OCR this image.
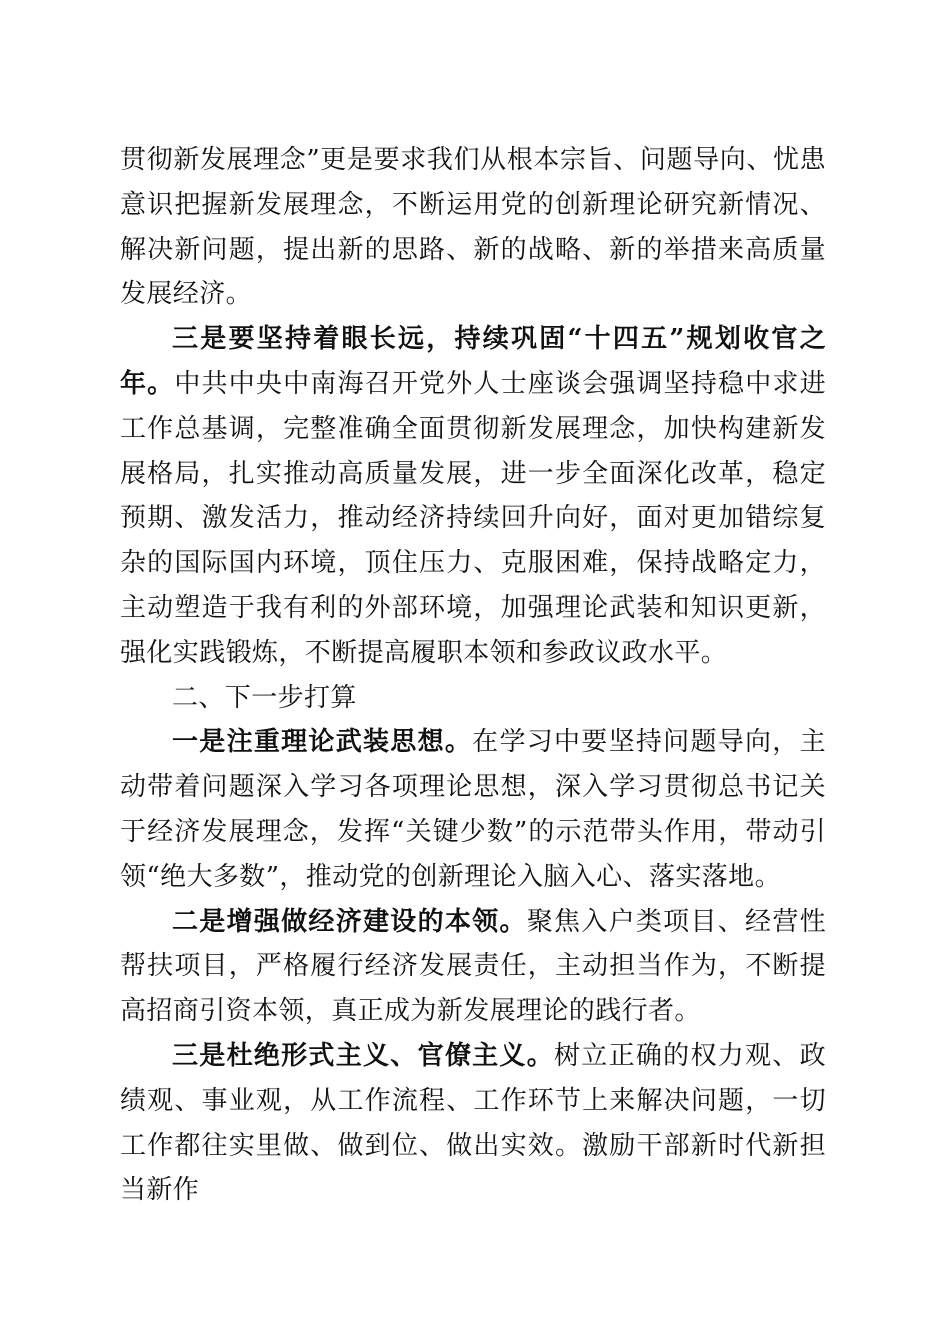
贯彻新发展理念”更是要求我们从根本宗旨、问题导向、忧患意识把握新发展理念，不断运用党的创新理论研究新情况、解决新问题，提出新的思路、新的战略、新的举措来高质量发展经济。

三是要坚持着眼长远，持续巩固“十四五”规划收官之年。中共中央中南海召开党外人士座谈会强调坚持稳中求进工作总基调，完整准确全面贯彻新发展理念，加快构建新发展格局，扎实推动高质量发展，进一步全面深化改革，稳定预期、激发活力，推动经济持续回升向好，面对更加错综复杂的国际国内环境，顶住压力、克服困难，保持战略定力，主动塑造于我有利的外部环境，加强理论武装和知识更新，强化实践锻炼，不断提高履职本领和参政议政水平。

二、下一步打算

一是注重理论武装思想。在学习中要坚持问题导向，主动带着问题深入学习各项理论思想，深入学习贯彻总书记关于经济发展理念，发挥“关键少数”的示范带头作用，带动引领“绝大多数”，推动党的创新理论入脑入心、落实落地。

二是增强做经济建设的本领。聚焦入户类项目、经营性帮扶项目，严格履行经济发展责任，主动担当作为，不断提高招商引资本领，真正成为新发展理论的践行者。

三是杜绝形式主义、官僚主义。树立正确的权力观、政绩观、事业观，从工作流程、工作环节上来解决问题，一切工作都往实里做、做到位、做出实效。激励干部新时代新担当新作
